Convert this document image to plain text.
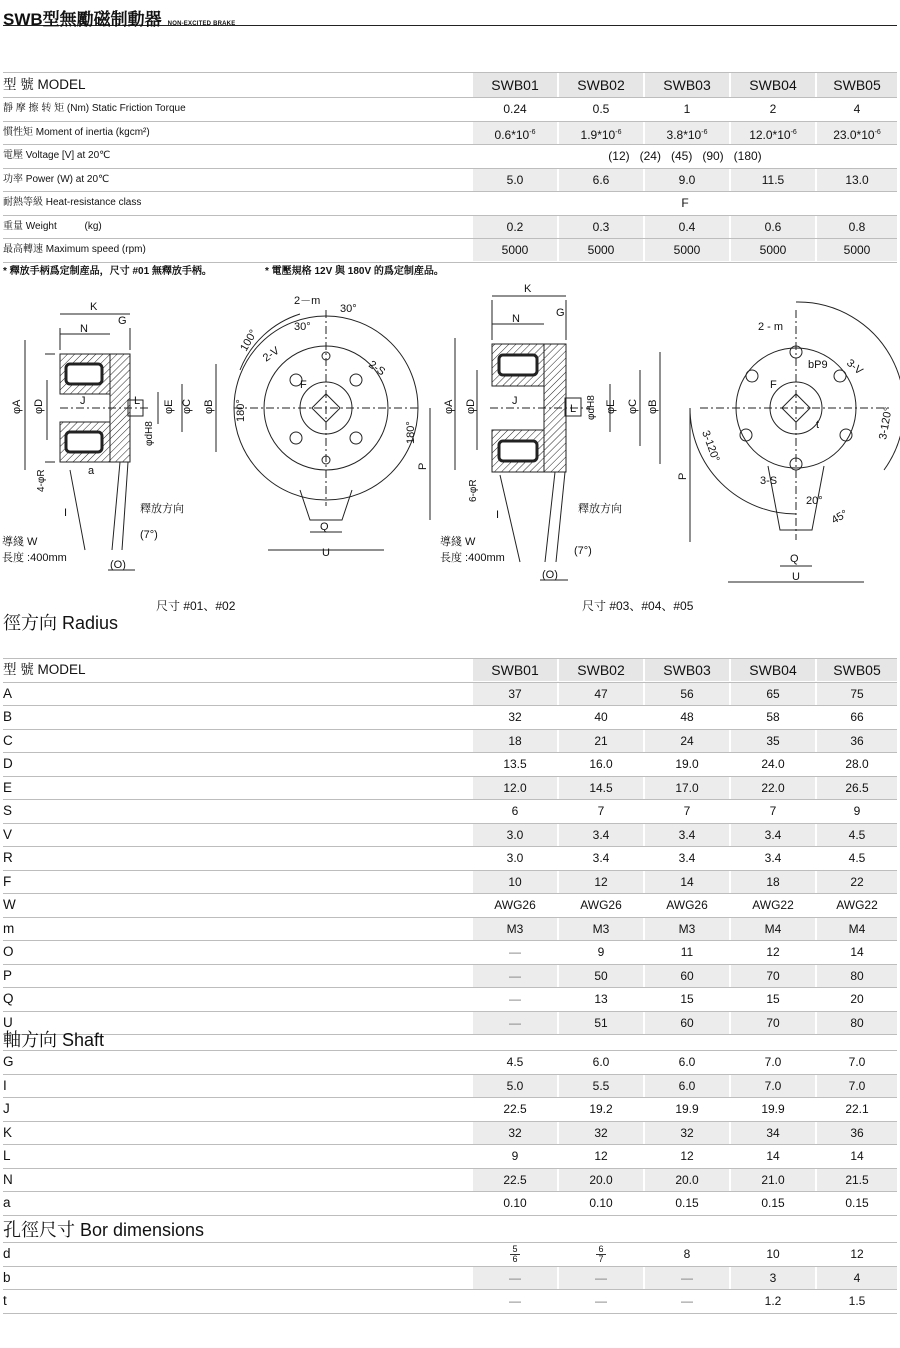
SWB型無勵磁制動器 NON-EXCITED BRAKE
型 號 MODEL	SWB01	SWB02	SWB03	SWB04	SWB05
靜 摩 擦 转 矩 (Nm) Static Friction Torque	0.24	0.5	1	2	4
慣性矩 Moment of inertia (kgcm²)	$0.6*10^{-6}$	$1.9*10^{-6}$	$3.8*10^{-6}$	$12.0*10^{-6}$	$23.0*10^{-6}$
電壓 Voltage [V] at 20℃	(12)   (24)   (45)   (90)   (180)
功率 Power (W) at 20℃	5.0	6.6	9.0	11.5	13.0
耐熱等級 Heat-resistance class	F
重量 Weight          (kg)	0.2	0.3	0.4	0.6	0.8
最高轉速 Maximum speed (rpm)	5000	5000	5000	5000	5000
* 釋放手柄爲定制産品，尺寸 #01 無釋放手柄。	* 電壓規格 12V 與 180V 的爲定制産品。
K
N
G
J	L
φA φD	φE φC φB
φdH8
4-φR	a
I
導綫 W
長度 :400mm
釋放方向
(7°)
(O)
2－m
30°
30°
100°
2-V
2-S
F
180°
180°
P
Q
U
K
N	G
J
L
φA φD	φdH8 φE φC φB
6-φR
I
導綫 W
長度 :400mm
釋放方向
(7°)
(O)
2 - m
bP9 3-V
F
t
3-120°
3-120°
P	3-S
20°
45°
Q
U
尺寸 #01、#02	尺寸 #03、#04、#05
徑方向 Radius
型 號 MODEL	SWB01	SWB02	SWB03	SWB04	SWB05
A	37	47	56	65	75
B	32	40	48	58	66
C	18	21	24	35	36
D	13.5	16.0	19.0	24.0	28.0
E	12.0	14.5	17.0	22.0	26.5
S	6	7	7	7	9
V	3.0	3.4	3.4	3.4	4.5
R	3.0	3.4	3.4	3.4	4.5
F	10	12	14	18	22
W	AWG26	AWG26	AWG26	AWG22	AWG22
m	M3	M3	M3	M4	M4
O	—	9	11	12	14
P	—	50	60	70	80
Q	—	13	15	15	20
U	—	51	60	70	80
軸方向 Shaft
G	4.5	6.0	6.0	7.0	7.0
I	5.0	5.5	6.0	7.0	7.0
J	22.5	19.2	19.9	19.9	22.1
K	32	32	32	34	36
L	9	12	12	14	14
N	22.5	20.0	20.0	21.0	21.5
a	0.10	0.10	0.15	0.15	0.15
孔徑尺寸 Bor dimensions
d	$\frac{5}{6}$	$\frac{6}{7}$	8	10	12
b	—	—	—	3	4
t	—	—	—	1.2	1.5
